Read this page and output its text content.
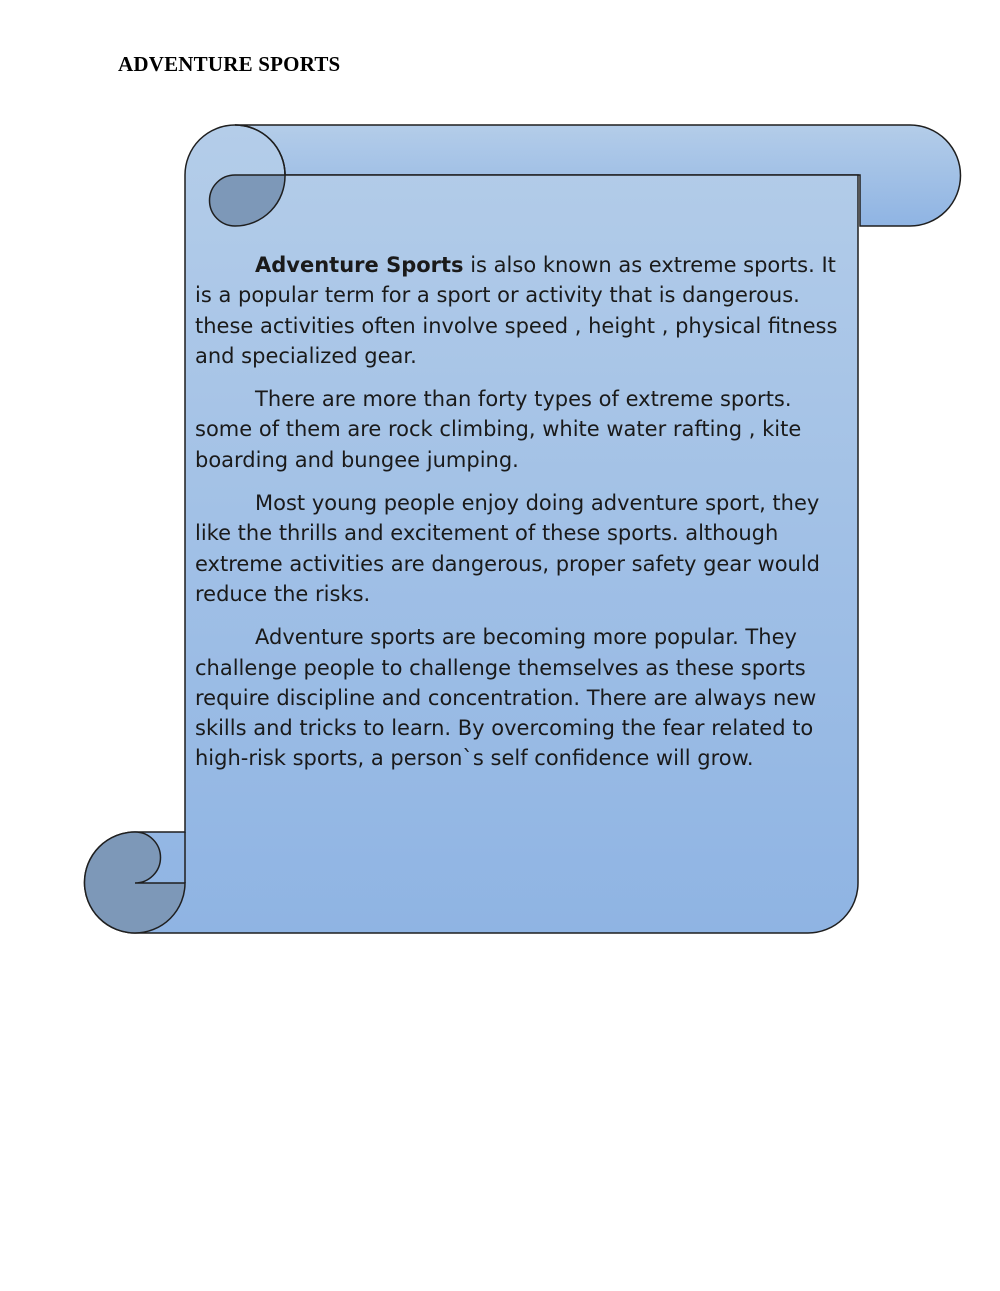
ADVENTURE SPORTS

Adventure Sports is also known as extreme sports. It is a popular term for a sport or activity that is dangerous. these activities often involve speed , height , physical fitness and specialized gear.

There are more than forty types of extreme sports. some of them are rock climbing, white water rafting , kite boarding and bungee jumping.

Most young people enjoy doing adventure sport, they like the thrills and excitement of these sports. although extreme activities are dangerous, proper safety gear would reduce the risks.

Adventure sports are becoming more popular. They challenge people to challenge themselves as these sports require discipline and concentration. There are always new skills and tricks to learn. By overcoming the fear related to high-risk sports, a person`s self confidence will grow.
